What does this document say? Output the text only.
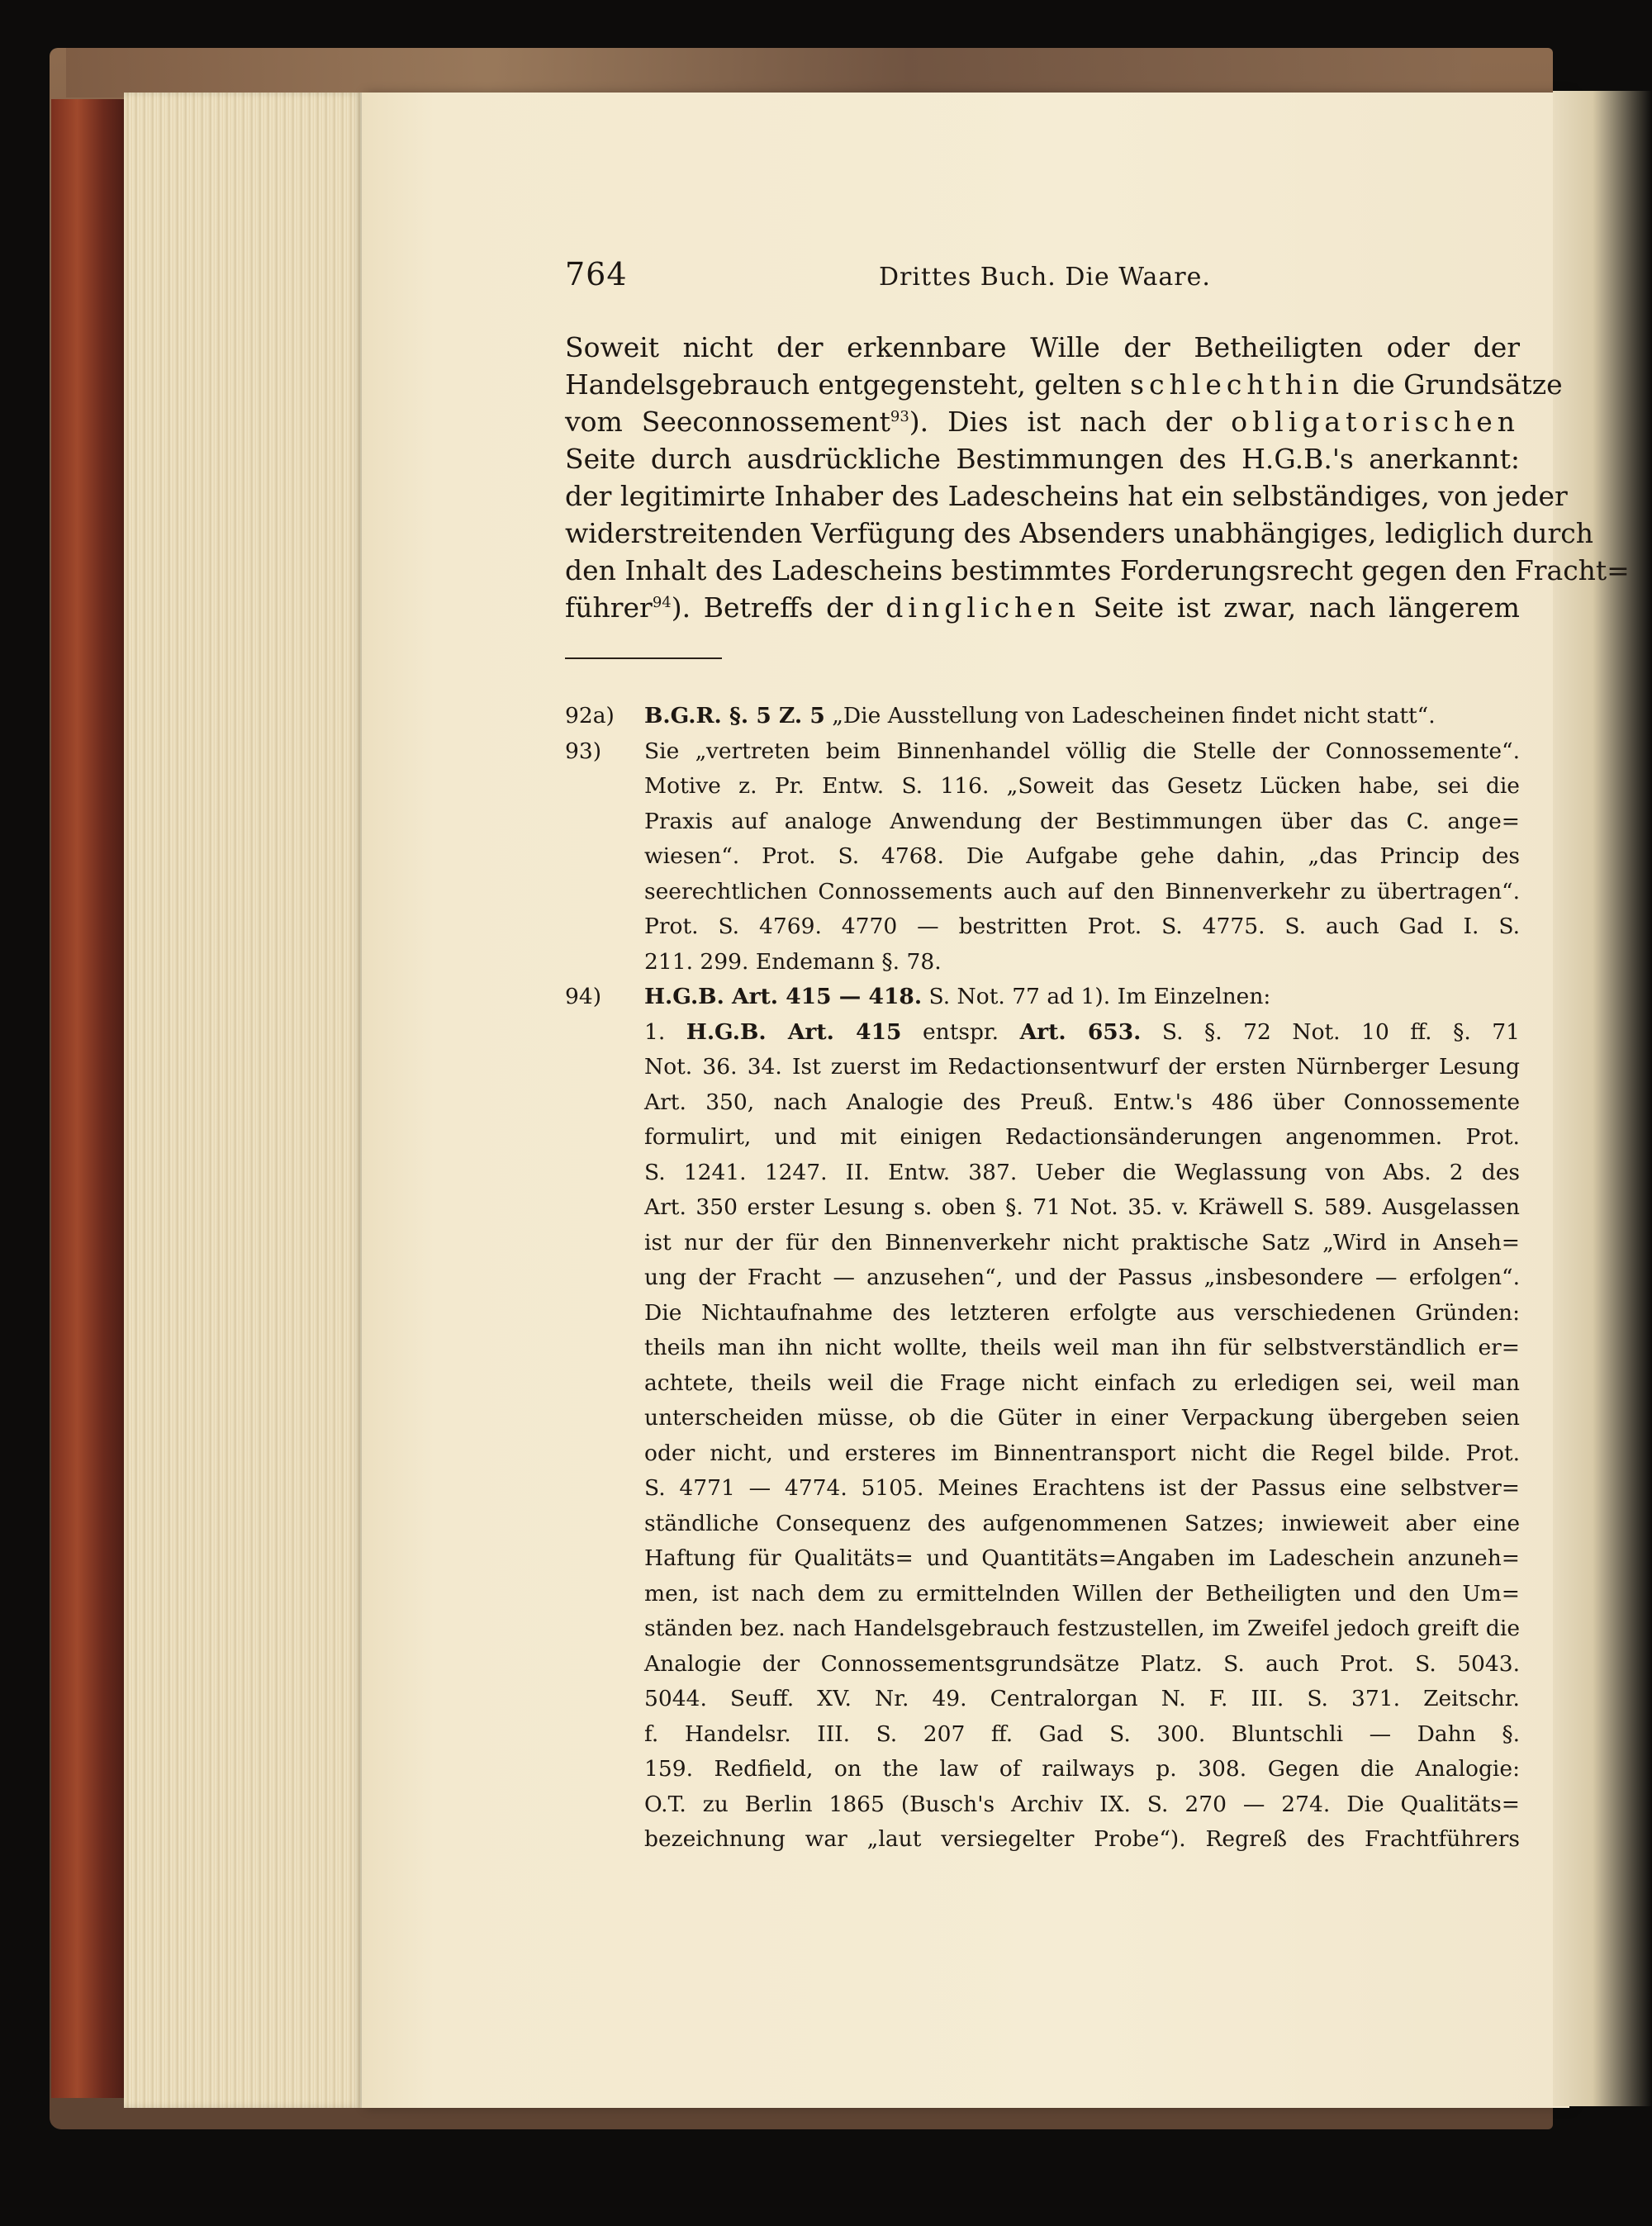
764	Drittes Buch. Die Waare.
Soweit nicht der erkennbare Wille der Betheiligten oder der
Handelsgebrauch entgegensteht, gelten schlechthin die Grundsätze
vom Seeconnossement$^{93}$). Dies ist nach der obligatorischen
Seite durch ausdrückliche Bestimmungen des H.G.B.'s anerkannt:
der legitimirte Inhaber des Ladescheins hat ein selbständiges, von jeder
widerstreitenden Verfügung des Absenders unabhängiges, lediglich durch
den Inhalt des Ladescheins bestimmtes Forderungsrecht gegen den Fracht=
führer$^{94}$). Betreffs der dinglichen Seite ist zwar, nach längerem
92a)	B.G.R. §. 5 Z. 5 „Die Ausstellung von Ladescheinen findet nicht statt“.
93)	Sie „vertreten beim Binnenhandel völlig die Stelle der Connossemente“.
Motive z. Pr. Entw. S. 116. „Soweit das Gesetz Lücken habe, sei die
Praxis auf analoge Anwendung der Bestimmungen über das C. ange=
wiesen“. Prot. S. 4768. Die Aufgabe gehe dahin, „das Princip des
seerechtlichen Connossements auch auf den Binnenverkehr zu übertragen“.
Prot. S. 4769. 4770 — bestritten Prot. S. 4775. S. auch Gad I. S.
211. 299. Endemann §. 78.
94)	H.G.B. Art. 415 — 418. S. Not. 77 ad 1). Im Einzelnen:
1. H.G.B. Art. 415 entspr. Art. 653. S. §. 72 Not. 10 ff. §. 71
Not. 36. 34. Ist zuerst im Redactionsentwurf der ersten Nürnberger Lesung
Art. 350, nach Analogie des Preuß. Entw.'s 486 über Connossemente
formulirt, und mit einigen Redactionsänderungen angenommen. Prot.
S. 1241. 1247. II. Entw. 387. Ueber die Weglassung von Abs. 2 des
Art. 350 erster Lesung s. oben §. 71 Not. 35. v. Kräwell S. 589. Ausgelassen
ist nur der für den Binnenverkehr nicht praktische Satz „Wird in Anseh=
ung der Fracht — anzusehen“, und der Passus „insbesondere — erfolgen“.
Die Nichtaufnahme des letzteren erfolgte aus verschiedenen Gründen:
theils man ihn nicht wollte, theils weil man ihn für selbstverständlich er=
achtete, theils weil die Frage nicht einfach zu erledigen sei, weil man
unterscheiden müsse, ob die Güter in einer Verpackung übergeben seien
oder nicht, und ersteres im Binnentransport nicht die Regel bilde. Prot.
S. 4771 — 4774. 5105. Meines Erachtens ist der Passus eine selbstver=
ständliche Consequenz des aufgenommenen Satzes; inwieweit aber eine
Haftung für Qualitäts= und Quantitäts=Angaben im Ladeschein anzuneh=
men, ist nach dem zu ermittelnden Willen der Betheiligten und den Um=
ständen bez. nach Handelsgebrauch festzustellen, im Zweifel jedoch greift die
Analogie der Connossementsgrundsätze Platz. S. auch Prot. S. 5043.
5044. Seuff. XV. Nr. 49. Centralorgan N. F. III. S. 371. Zeitschr.
f. Handelsr. III. S. 207 ff. Gad S. 300. Bluntschli — Dahn §.
159. Redfield, on the law of railways p. 308. Gegen die Analogie:
O.T. zu Berlin 1865 (Busch's Archiv IX. S. 270 — 274. Die Qualitäts=
bezeichnung war „laut versiegelter Probe“). Regreß des Frachtführers
